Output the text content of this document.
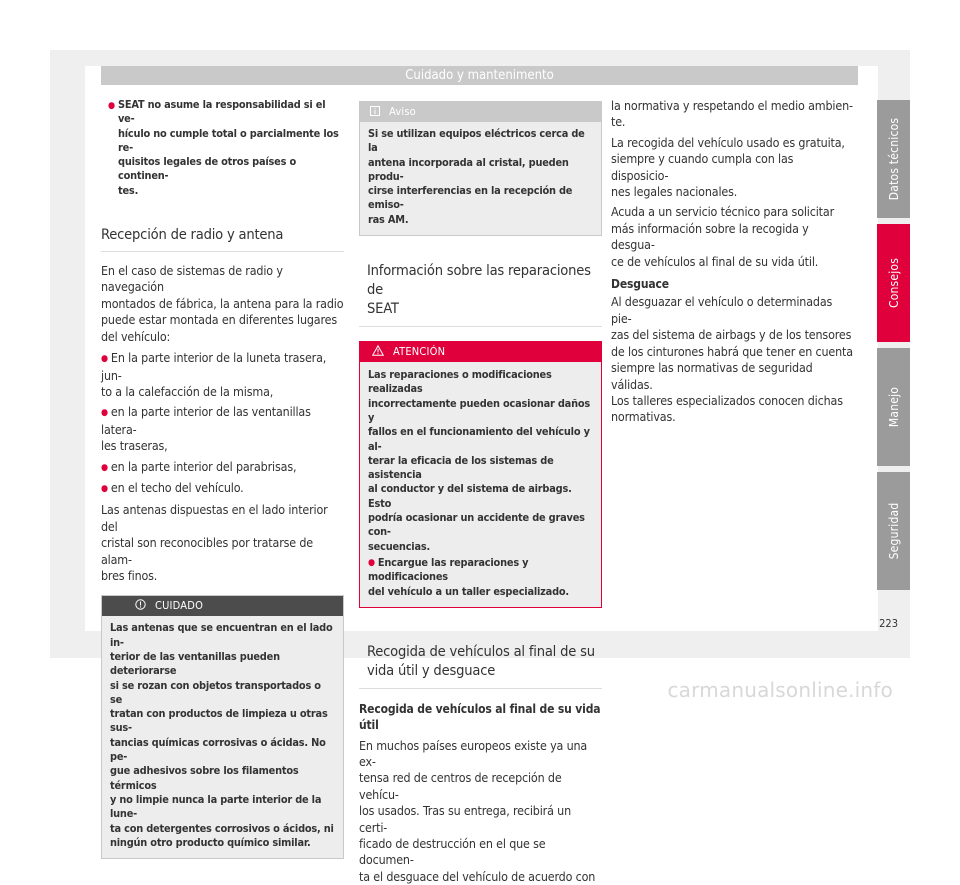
Cuidado y mantenimento
● SEAT no asume la responsabilidad si el ve-
hículo no cumple total o parcialmente los re-
quisitos legales de otros países o continen-
tes.
Recepción de radio y antena
En el caso de sistemas de radio y navegación
montados de fábrica, la antena para la radio
puede estar montada en diferentes lugares
del vehículo:
● En la parte interior de la luneta trasera, jun-
to a la calefacción de la misma,
● en la parte interior de las ventanillas latera-
les traseras,
● en la parte interior del parabrisas,
● en el techo del vehículo.
Las antenas dispuestas en el lado interior del
cristal son reconocibles por tratarse de alam-
bres finos.
CUIDADO
Las antenas que se encuentran en el lado in-
terior de las ventanillas pueden deteriorarse
si se rozan con objetos transportados o se
tratan con productos de limpieza u otras sus-
tancias químicas corrosivas o ácidas. No pe-
gue adhesivos sobre los filamentos térmicos
y no limpie nunca la parte interior de la lune-
ta con detergentes corrosivos o ácidos, ni
ningún otro producto químico similar.
Aviso
Si se utilizan equipos eléctricos cerca de la
antena incorporada al cristal, pueden produ-
cirse interferencias en la recepción de emiso-
ras AM.
Información sobre las reparaciones de
SEAT
ATENCIÓN
Las reparaciones o modificaciones realizadas
incorrectamente pueden ocasionar daños y
fallos en el funcionamiento del vehículo y al-
terar la eficacia de los sistemas de asistencia
al conductor y del sistema de airbags. Esto
podría ocasionar un accidente de graves con-
secuencias.
● Encargue las reparaciones y modificaciones
del vehículo a un taller especializado.
Recogida de vehículos al final de su
vida útil y desguace
Recogida de vehículos al final de su vida útil
En muchos países europeos existe ya una ex-
tensa red de centros de recepción de vehícu-
los usados. Tras su entrega, recibirá un certi-
ficado de destrucción en el que se documen-
ta el desguace del vehículo de acuerdo con
la normativa y respetando el medio ambien-
te.
La recogida del vehículo usado es gratuita,
siempre y cuando cumpla con las disposicio-
nes legales nacionales.
Acuda a un servicio técnico para solicitar
más información sobre la recogida y desgua-
ce de vehículos al final de su vida útil.
Desguace
Al desguazar el vehículo o determinadas pie-
zas del sistema de airbags y de los tensores
de los cinturones habrá que tener en cuenta
siempre las normativas de seguridad válidas.
Los talleres especializados conocen dichas
normativas.
Datos técnicos
Consejos
Manejo
Seguridad
223
carmanualsonline.info
